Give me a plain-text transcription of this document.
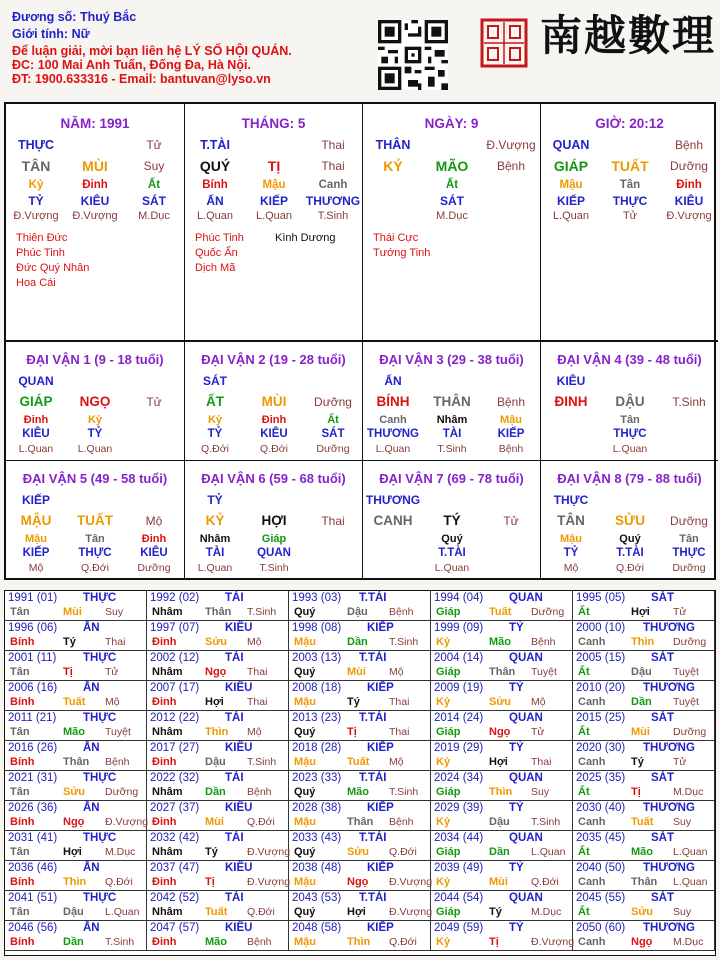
Đương số: Thuý Bắc
Giới tính: Nữ
Để luận giải, mời bạn liên hệ LÝ SỐ HỘI QUÁN.
ĐC: 100 Mai Anh Tuấn, Đống Đa, Hà Nội.
ĐT: 1900.633316 - Email: bantuvan@lyso.vn
南越數理
NĂM: 1991
THỰC	Tử
TÂN	MÙI	Suy
Kỷ	Đinh	Ất
TỶ	KIÊU	SÁT
Đ.Vượng	Đ.Vượng	M.Dục
Thiên Đức
Phúc Tinh
Đức Quý Nhân
Hoa Cái
THÁNG: 5
T.TÀI	Thai
QUÝ	TỊ	Thai
Bính	Mậu	Canh
ẤN	KIẾP	THƯƠNG
L.Quan	L.Quan	T.Sinh
Phúc Tinh
Quốc Ấn
Dịch Mã
Kình Dương
NGÀY: 9
THÂN	Đ.Vượng
KỶ	MÃO	Bệnh
Ất
SÁT
M.Dục
Thái Cực
Tướng Tinh
GIỜ: 20:12
QUAN	Bệnh
GIÁP	TUẤT	Dưỡng
Mậu	Tân	Đinh
KIẾP	THỰC	KIÊU
L.Quan	Tử	Đ.Vượng
ĐẠI VẬN 1 (9 - 18 tuổi)
QUAN
GIÁP	NGỌ	Tử
Đinh	Kỷ
KIÊU	TỶ
L.Quan	L.Quan
ĐẠI VẬN 2 (19 - 28 tuổi)
SÁT
ẤT	MÙI	Dưỡng
Kỷ	Đinh	Ất
TỶ	KIÊU	SÁT
Q.Đới	Q.Đới	Dưỡng
ĐẠI VẬN 3 (29 - 38 tuổi)
ẤN
BÍNH	THÂN	Bệnh
Canh	Nhâm	Mậu
THƯƠNG	TÀI	KIẾP
L.Quan	T.Sinh	Bệnh
ĐẠI VẬN 4 (39 - 48 tuổi)
KIÊU
ĐINH	DẬU	T.Sinh
Tân
THỰC
L.Quan
ĐẠI VẬN 5 (49 - 58 tuổi)
KIẾP
MẬU	TUẤT	Mộ
Mậu	Tân	Đinh
KIẾP	THỰC	KIÊU
Mộ	Q.Đới	Dưỡng
ĐẠI VẬN 6 (59 - 68 tuổi)
TỶ
KỶ	HỢI	Thai
Nhâm	Giáp
TÀI	QUAN
L.Quan	T.Sinh
ĐẠI VẬN 7 (69 - 78 tuổi)
THƯƠNG
CANH	TÝ	Tử
Quý
T.TÀI
L.Quan
ĐẠI VẬN 8 (79 - 88 tuổi)
THỰC
TÂN	SỬU	Dưỡng
Mậu	Quý	Tân
TỶ	T.TÀI	THỰC
Mộ	Q.Đới	Dưỡng
1991 (01) THỰC
Tân	Mùi Suy
1992 (02) TÀI
Nhâm Thân T.Sinh
1993 (03) T.TÀI
Quý	Dậu Bệnh
1994 (04) QUAN
Giáp	Tuất Dưỡng
1995 (05) SÁT
Ất	Hợi Tử
1996 (06) ẤN
Bính	Tý	Thai
1997 (07) KIÊU
Đinh	Sửu Mộ
1998 (08) KIẾP
Mậu	Dần T.Sinh
1999 (09) TỶ
Kỷ	Mão Bệnh
2000 (10) THƯƠNG
Canh Thìn Dưỡng
2001 (11) THỰC
Tân	Tị	Tử
2002 (12) TÀI
Nhâm Ngọ Thai
2003 (13) T.TÀI
Quý	Mùi Mộ
2004 (14) QUAN
Giáp	Thân Tuyệt
2005 (15) SÁT
Ất	Dậu Tuyệt
2006 (16) ẤN
Bính	Tuất Mộ
2007 (17) KIÊU
Đinh	Hợi Thai
2008 (18) KIẾP
Mậu	Tý	Thai
2009 (19) TỶ
Kỷ	Sửu Mộ
2010 (20) THƯƠNG
Canh Dần Tuyệt
2011 (21) THỰC
Tân	Mão Tuyệt
2012 (22) TÀI
Nhâm Thìn Mộ
2013 (23) T.TÀI
Quý	Tị	Thai
2014 (24) QUAN
Giáp	Ngọ Tử
2015 (25) SÁT
Ất	Mùi Dưỡng
2016 (26) ẤN
Bính	Thân Bệnh
2017 (27) KIÊU
Đinh	Dậu T.Sinh
2018 (28) KIẾP
Mậu	Tuất Mộ
2019 (29) TỶ
Kỷ	Hợi Thai
2020 (30) THƯƠNG
Canh Tý	Tử
2021 (31) THỰC
Tân	Sửu Dưỡng
2022 (32) TÀI
Nhâm Dần Bệnh
2023 (33) T.TÀI
Quý	Mão T.Sinh
2024 (34) QUAN
Giáp	Thìn Suy
2025 (35) SÁT
Ất	Tị	M.Dục
2026 (36) ẤN
Bính	Ngọ Đ.Vượng
2027 (37) KIÊU
Đinh	Mùi Q.Đới
2028 (38) KIẾP
Mậu	Thân Bệnh
2029 (39) TỶ
Kỷ	Dậu T.Sinh
2030 (40) THƯƠNG
Canh Tuất Suy
2031 (41) THỰC
Tân	Hợi M.Dục
2032 (42) TÀI
Nhâm Tý	Đ.Vượng
2033 (43) T.TÀI
Quý	Sửu Q.Đới
2034 (44) QUAN
Giáp	Dần L.Quan
2035 (45) SÁT
Ất	Mão L.Quan
2036 (46) ẤN
Bính	Thìn Q.Đới
2037 (47) KIÊU
Đinh	Tị	Đ.Vượng
2038 (48) KIẾP
Mậu	Ngọ Đ.Vượng
2039 (49) TỶ
Kỷ	Mùi Q.Đới
2040 (50) THƯƠNG
Canh Thân L.Quan
2041 (51) THỰC
Tân	Dậu L.Quan
2042 (52) TÀI
Nhâm Tuất Q.Đới
2043 (53) T.TÀI
Quý	Hợi Đ.Vượng
2044 (54) QUAN
Giáp	Tý	M.Dục
2045 (55) SÁT
Ất	Sửu Suy
2046 (56) ẤN
Bính	Dần T.Sinh
2047 (57) KIÊU
Đinh	Mão Bệnh
2048 (58) KIẾP
Mậu	Thìn Q.Đới
2049 (59) TỶ
Kỷ	Tị	Đ.Vượng
2050 (60) THƯƠNG
Canh Ngọ M.Dục
